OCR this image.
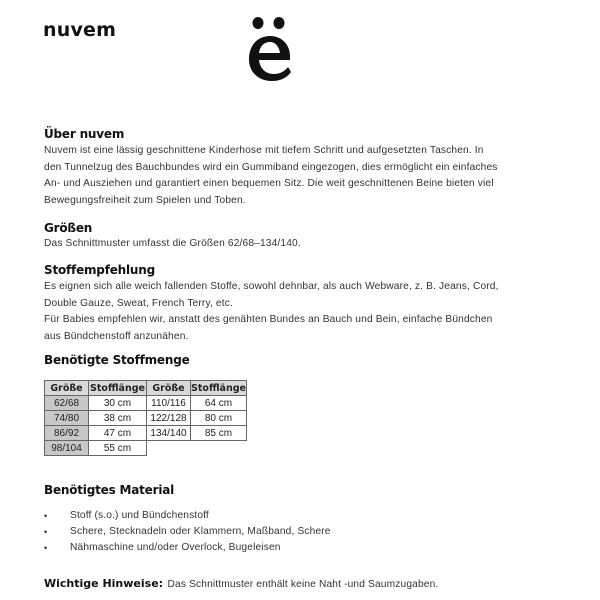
nuvem
Über nuvem
Nuvem ist eine lässig geschnittene Kinderhose mit tiefem Schritt und aufgesetzten Taschen. In
den Tunnelzug des Bauchbundes wird ein Gummiband eingezogen, dies ermöglicht ein einfaches
An- und Ausziehen und garantiert einen bequemen Sitz. Die weit geschnittenen Beine bieten viel
Bewegungsfreiheit zum Spielen und Toben.
Größen
Das Schnittmuster umfasst die Größen 62/68–134/140.
Stoffempfehlung
Es eignen sich alle weich fallenden Stoffe, sowohl dehnbar, als auch Webware, z. B. Jeans, Cord,
Double Gauze, Sweat, French Terry, etc.
Für Babies empfehlen wir, anstatt des genähten Bundes an Bauch und Bein, einfache Bündchen
aus Bündchenstoff anzunähen.
Benötigte Stoffmenge
Größe	Stofflänge	Größe	Stofflänge
62/68	30 cm	110/116	64 cm
74/80	38 cm	122/128	80 cm
86/92	47 cm	134/140	85 cm
98/104	55 cm		
Benötigtes Material
•	Stoff (s.o.) und Bündchenstoff
•	Schere, Stecknadeln oder Klammern, Maßband, Schere
•	Nähmaschine und/oder Overlock, Bugeleisen
Wichtige Hinweise: Das Schnittmuster enthält keine Naht -und Saumzugaben.
